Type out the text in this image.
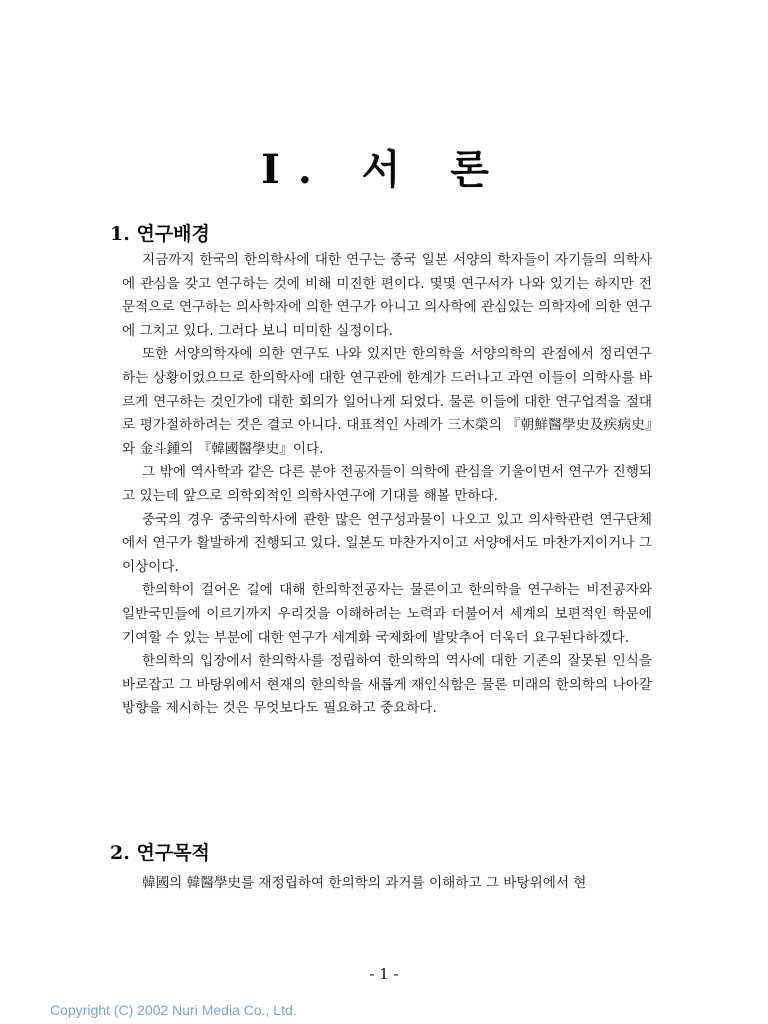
Ⅰ. 서 론
1. 연구배경

지금까지 한국의 한의학사에 대한 연구는 중국 일본 서양의 학자들이 자기들의 의학사에 관심을 갖고 연구하는 것에 비해 미진한 편이다. 몇몇 연구서가 나와 있기는 하지만 전문적으로 연구하는 의사학자에 의한 연구가 아니고 의사학에 관심있는 의학자에 의한 연구에 그치고 있다. 그러다 보니 미미한 실정이다.

또한 서양의학자에 의한 연구도 나와 있지만 한의학을 서양의학의 관점에서 정리연구하는 상황이었으므로 한의학사에 대한 연구관에 한계가 드러나고 과연 이들이 의학사를 바르게 연구하는 것인가에 대한 회의가 일어나게 되었다. 물론 이들에 대한 연구업적을 절대로 평가절하하려는 것은 결코 아니다. 대표적인 사례가 三木榮의 『朝鮮醫學史及疾病史』와 金斗鍾의 『韓國醫學史』이다.

그 밖에 역사학과 같은 다른 분야 전공자들이 의학에 관심을 기울이면서 연구가 진행되고 있는데 앞으로 의학외적인 의학사연구에 기대를 해볼 만하다.

중국의 경우 중국의학사에 관한 많은 연구성과물이 나오고 있고 의사학관련 연구단체에서 연구가 활발하게 진행되고 있다. 일본도 마찬가지이고 서양에서도 마찬가지이거나 그 이상이다.

한의학이 걸어온 길에 대해 한의학전공자는 물론이고 한의학을 연구하는 비전공자와 일반국민들에 이르기까지 우리것을 이해하려는 노력과 더불어서 세계의 보편적인 학문에 기여할 수 있는 부분에 대한 연구가 세계화 국제화에 발맞추어 더욱더 요구된다하겠다.

한의학의 입장에서 한의학사를 정립하여 한의학의 역사에 대한 기존의 잘못된 인식을 바로잡고 그 바탕위에서 현재의 한의학을 새롭게 재인식함은 물론 미래의 한의학의 나아갈 방향을 제시하는 것은 무엇보다도 필요하고 중요하다.

2. 연구목적

韓國의 韓醫學史를 재정립하여 한의학의 과거를 이해하고 그 바탕위에서 현

- 1 -
Copyright (C) 2002 Nuri Media Co., Ltd.
